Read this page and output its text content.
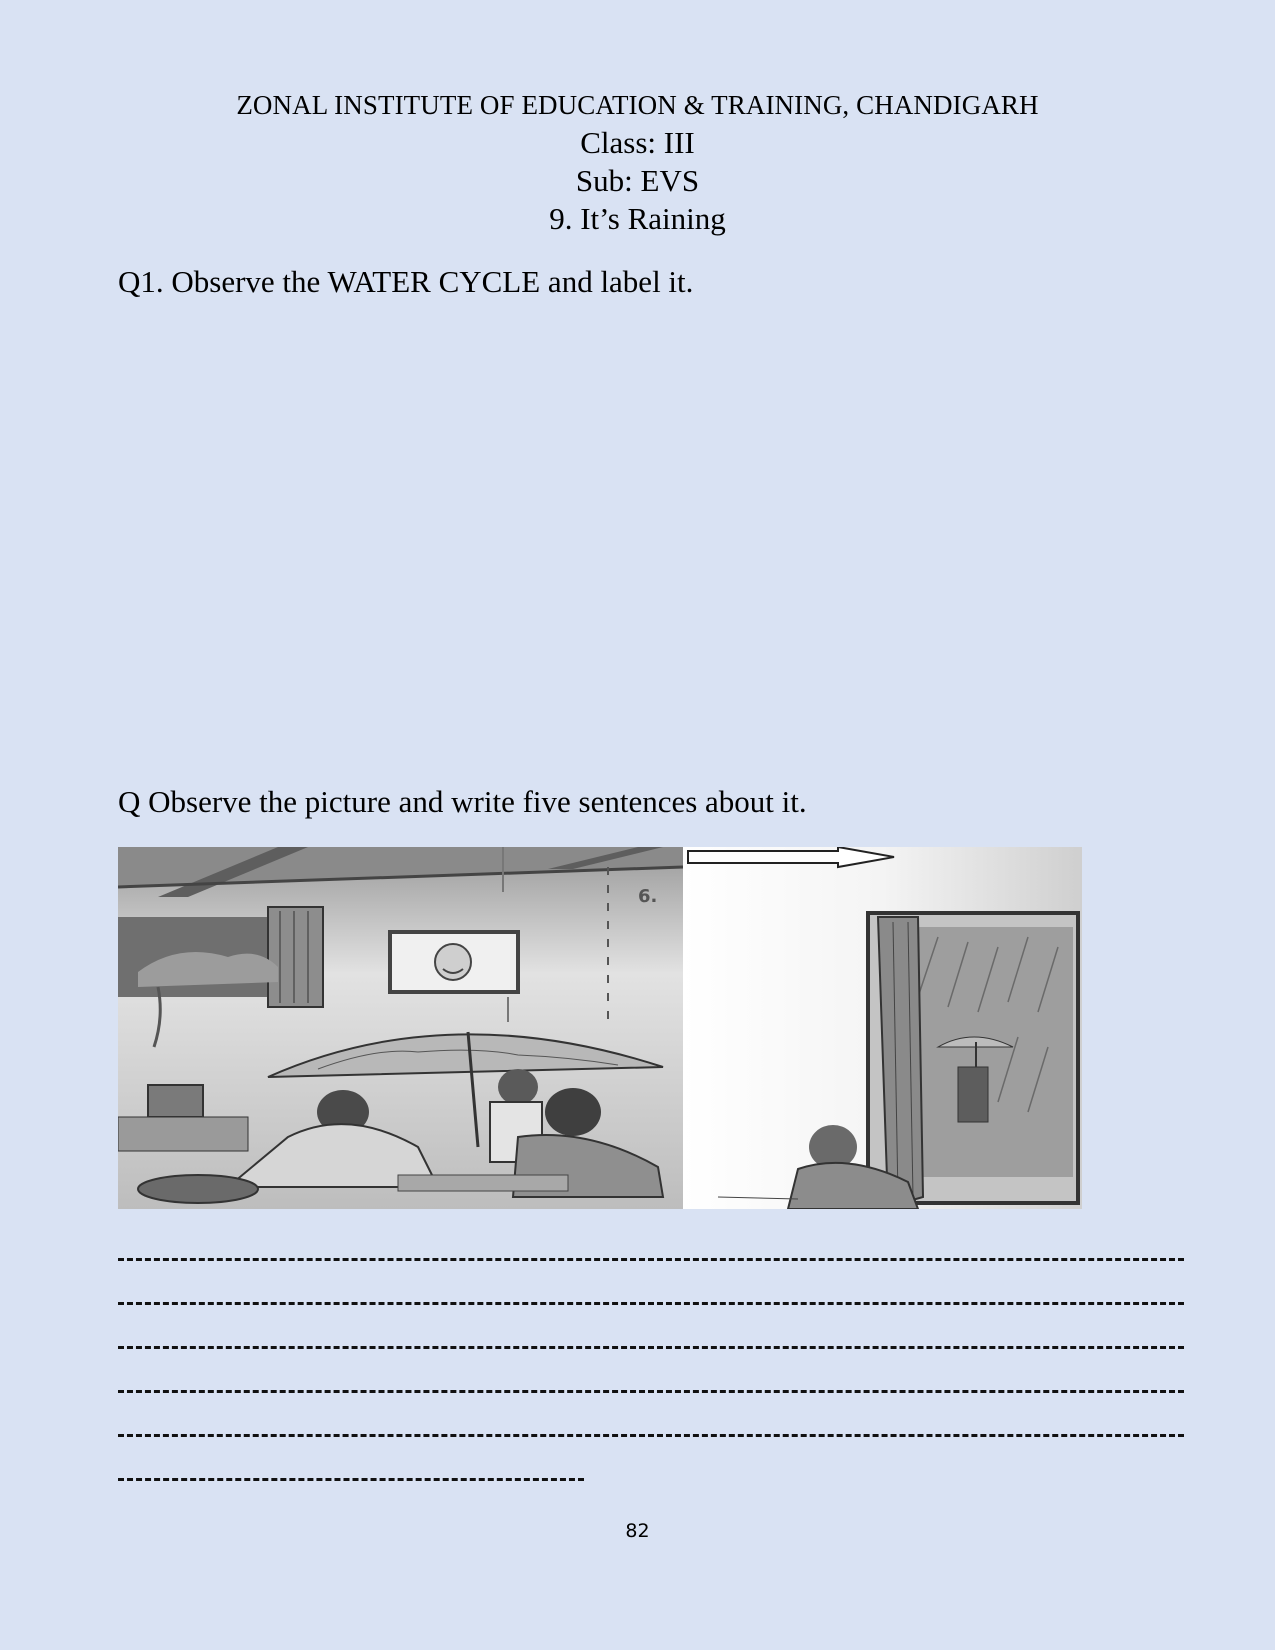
ZONAL INSTITUTE OF EDUCATION & TRAINING, CHANDIGARH
Class: III
Sub: EVS
9. It’s Raining
Q1. Observe the WATER CYCLE and label it.
Q Observe the picture and write five sentences about it.
6.
82
